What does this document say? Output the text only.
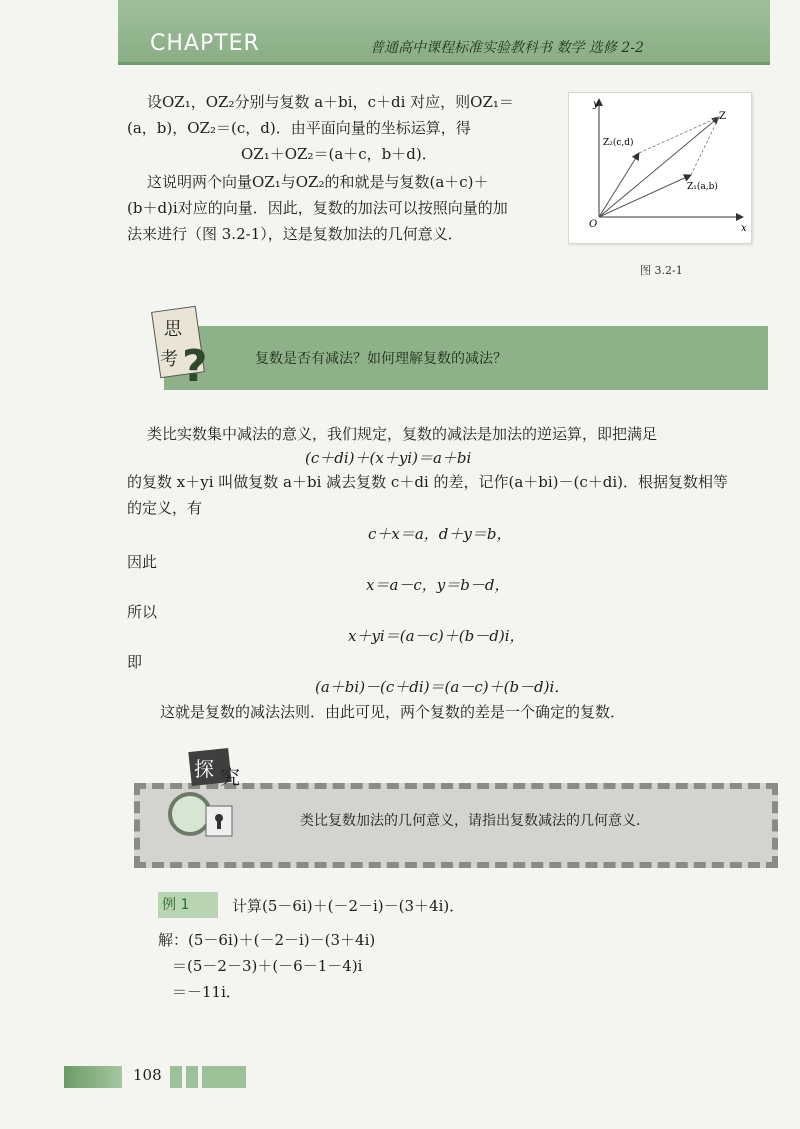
CHAPTER	普通高中课程标准实验教科书 数学 选修 2-2
设OZ₁，OZ₂分别与复数 a＋bi，c＋di 对应，则OZ₁＝
(a，b)，OZ₂＝(c，d)．由平面向量的坐标运算，得
OZ₁＋OZ₂＝(a＋c，b＋d)．
这说明两个向量OZ₁与OZ₂的和就是与复数(a＋c)＋
(b＋d)i对应的向量．因此，复数的加法可以按照向量的加
法来进行（图 3.2-1），这是复数加法的几何意义．
y
x
O
Z
Z₁(a,b)
Z₂(c,d)
图 3.2-1
思
考 ?	复数是否有减法？如何理解复数的减法？
类比实数集中减法的意义，我们规定，复数的减法是加法的逆运算，即把满足
(c＋di)＋(x＋yi)＝a＋bi
的复数 x＋yi 叫做复数 a＋bi 减去复数 c＋di 的差，记作(a＋bi)－(c＋di)．根据复数相等
的定义，有
c＋x＝a，d＋y＝b，
因此
x＝a－c，y＝b－d，
所以
x＋yi＝(a－c)＋(b－d)i，
即
(a＋bi)－(c＋di)＝(a－c)＋(b－d)i．
这就是复数的减法法则．由此可见，两个复数的差是一个确定的复数．
探 究
类比复数加法的几何意义，请指出复数减法的几何意义．
例 1	计算(5－6i)＋(－2－i)－(3＋4i)．
解：(5－6i)＋(－2－i)－(3＋4i)
＝(5－2－3)＋(－6－1－4)i
＝－11i．
108
